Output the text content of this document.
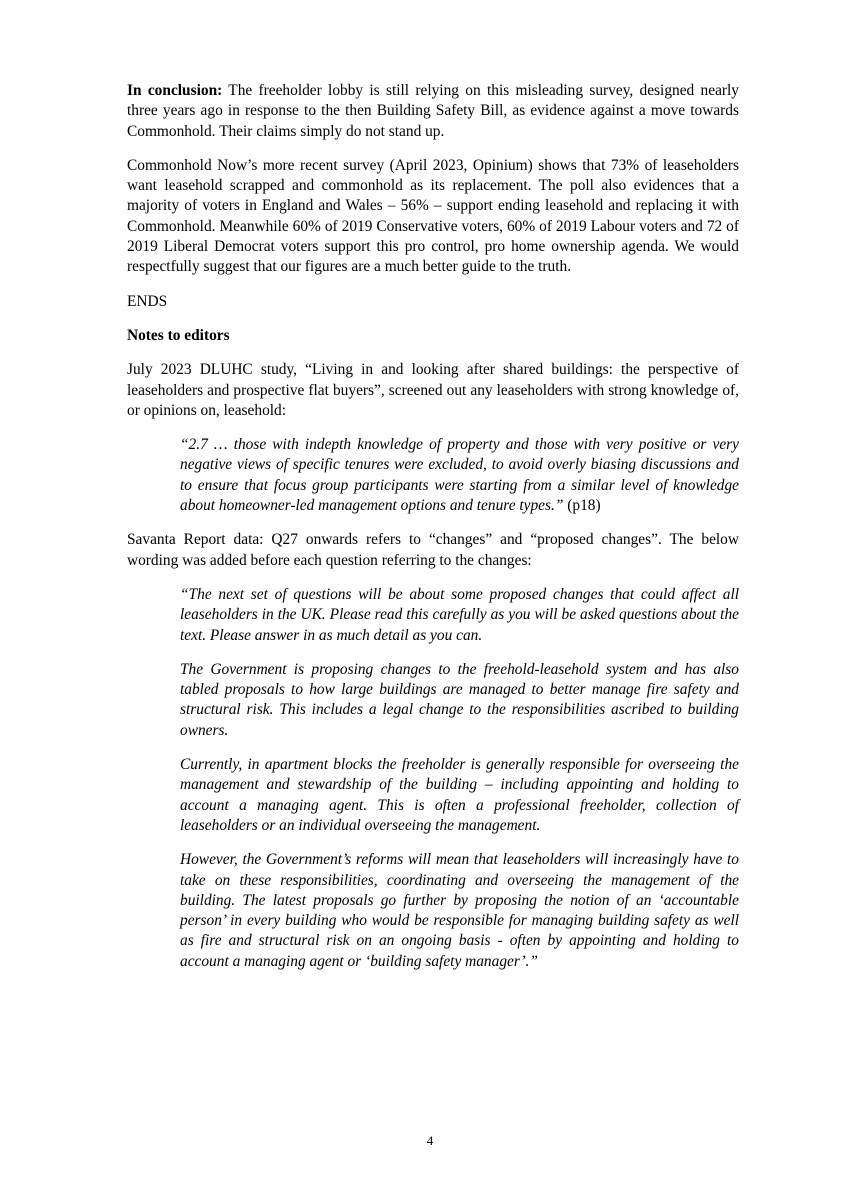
In conclusion: The freeholder lobby is still relying on this misleading survey, designed nearly three years ago in response to the then Building Safety Bill, as evidence against a move towards Commonhold. Their claims simply do not stand up.

Commonhold Now’s more recent survey (April 2023, Opinium) shows that 73% of leaseholders want leasehold scrapped and commonhold as its replacement. The poll also evidences that a majority of voters in England and Wales – 56% – support ending leasehold and replacing it with Commonhold. Meanwhile 60% of 2019 Conservative voters, 60% of 2019 Labour voters and 72 of 2019 Liberal Democrat voters support this pro control, pro home ownership agenda. We would respectfully suggest that our figures are a much better guide to the truth.

ENDS

Notes to editors

July 2023 DLUHC study, “Living in and looking after shared buildings: the perspective of leaseholders and prospective flat buyers”, screened out any leaseholders with strong knowledge of, or opinions on, leasehold:

“2.7 … those with indepth knowledge of property and those with very positive or very negative views of specific tenures were excluded, to avoid overly biasing discussions and to ensure that focus group participants were starting from a similar level of knowledge about homeowner-led management options and tenure types.” (p18)

Savanta Report data: Q27 onwards refers to “changes” and “proposed changes”. The below wording was added before each question referring to the changes:

“The next set of questions will be about some proposed changes that could affect all leaseholders in the UK. Please read this carefully as you will be asked questions about the text. Please answer in as much detail as you can.

The Government is proposing changes to the freehold-leasehold system and has also tabled proposals to how large buildings are managed to better manage fire safety and structural risk. This includes a legal change to the responsibilities ascribed to building owners.

Currently, in apartment blocks the freeholder is generally responsible for overseeing the management and stewardship of the building – including appointing and holding to account a managing agent. This is often a professional freeholder, collection of leaseholders or an individual overseeing the management.

However, the Government’s reforms will mean that leaseholders will increasingly have to take on these responsibilities, coordinating and overseeing the management of the building. The latest proposals go further by proposing the notion of an ‘accountable person’ in every building who would be responsible for managing building safety as well as fire and structural risk on an ongoing basis - often by appointing and holding to account a managing agent or ‘building safety manager’.”

4
